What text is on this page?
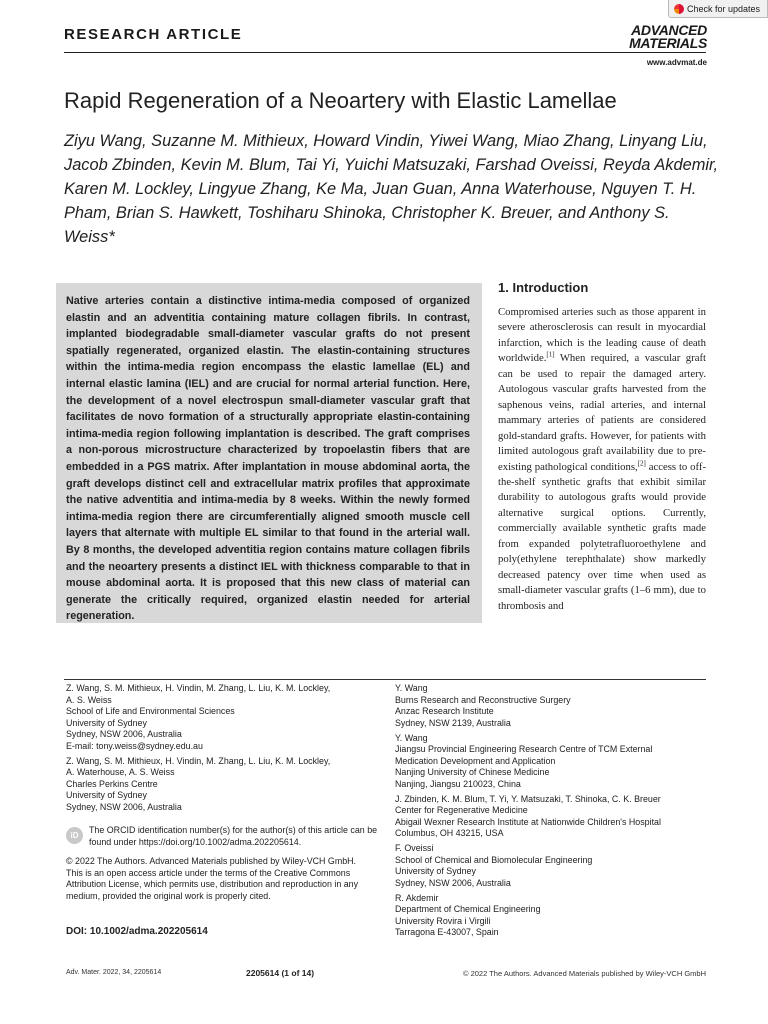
RESEARCH ARTICLE	ADVANCED
MATERIALS
www.advmat.de
Check for updates
Rapid Regeneration of a Neoartery with Elastic Lamellae
Ziyu Wang, Suzanne M. Mithieux, Howard Vindin, Yiwei Wang, Miao Zhang, Linyang Liu, Jacob Zbinden, Kevin M. Blum, Tai Yi, Yuichi Matsuzaki, Farshad Oveissi, Reyda Akdemir, Karen M. Lockley, Lingyue Zhang, Ke Ma, Juan Guan, Anna Waterhouse, Nguyen T. H. Pham, Brian S. Hawkett, Toshiharu Shinoka, Christopher K. Breuer, and Anthony S. Weiss*
Native arteries contain a distinctive intima-media composed of organized elastin and an adventitia containing mature collagen fibrils. In contrast, implanted biodegradable small-diameter vascular grafts do not present spatially regenerated, organized elastin. The elastin-containing structures within the intima-media region encompass the elastic lamellae (EL) and internal elastic lamina (IEL) and are crucial for normal arterial function. Here, the development of a novel electrospun small-diameter vascular graft that facilitates de novo formation of a structurally appropriate elastin-containing intima-media region following implantation is described. The graft comprises a non-porous microstructure characterized by tropoelastin fibers that are embedded in a PGS matrix. After implantation in mouse abdominal aorta, the graft develops distinct cell and extracellular matrix profiles that approximate the native adventitia and intima-media by 8 weeks. Within the newly formed intima-media region there are circumferentially aligned smooth muscle cell layers that alternate with multiple EL similar to that found in the arterial wall. By 8 months, the developed adventitia region contains mature collagen fibrils and the neoartery presents a distinct IEL with thickness comparable to that in mouse abdominal aorta. It is proposed that this new class of material can generate the critically required, organized elastin needed for arterial regeneration.
1. Introduction
Compromised arteries such as those apparent in severe atherosclerosis can result in myocardial infarction, which is the leading cause of death worldwide.[1] When required, a vascular graft can be used to repair the damaged artery. Autologous vascular grafts harvested from the saphenous veins, radial arteries, and internal mammary arteries of patients are considered gold-standard grafts. However, for patients with limited autologous graft availability due to pre-existing pathological conditions,[2] access to off-the-shelf synthetic grafts that exhibit similar durability to autologous grafts would provide alternative surgical options. Currently, commercially available synthetic grafts made from expanded polytetrafluoroethylene and poly(ethylene terephthalate) show markedly decreased patency over time when used as small-diameter vascular grafts (1–6 mm), due to thrombosis and

Z. Wang, S. M. Mithieux, H. Vindin, M. Zhang, L. Liu, K. M. Lockley,
A. S. Weiss
School of Life and Environmental Sciences
University of Sydney
Sydney, NSW 2006, Australia
E-mail: tony.weiss@sydney.edu.au

Z. Wang, S. M. Mithieux, H. Vindin, M. Zhang, L. Liu, K. M. Lockley,
A. Waterhouse, A. S. Weiss
Charles Perkins Centre
University of Sydney
Sydney, NSW 2006, Australia

Y. Wang
Burns Research and Reconstructive Surgery
Anzac Research Institute
Sydney, NSW 2139, Australia

Y. Wang
Jiangsu Provincial Engineering Research Centre of TCM External
Medication Development and Application
Nanjing University of Chinese Medicine
Nanjing, Jiangsu 210023, China

J. Zbinden, K. M. Blum, T. Yi, Y. Matsuzaki, T. Shinoka, C. K. Breuer
Center for Regenerative Medicine
Abigail Wexner Research Institute at Nationwide Children's Hospital
Columbus, OH 43215, USA

F. Oveissi
School of Chemical and Biomolecular Engineering
University of Sydney
Sydney, NSW 2006, Australia

R. Akdemir
Department of Chemical Engineering
University Rovira i Virgili
Tarragona E-43007, Spain

iD
The ORCID identification number(s) for the author(s) of this article can be found under https://doi.org/10.1002/adma.202205614.
© 2022 The Authors. Advanced Materials published by Wiley-VCH GmbH. This is an open access article under the terms of the Creative Commons Attribution License, which permits use, distribution and reproduction in any medium, provided the original work is properly cited.
DOI: 10.1002/adma.202205614
Adv. Mater. 2022, 34, 2205614	2205614 (1 of 14)	© 2022 The Authors. Advanced Materials published by Wiley-VCH GmbH
